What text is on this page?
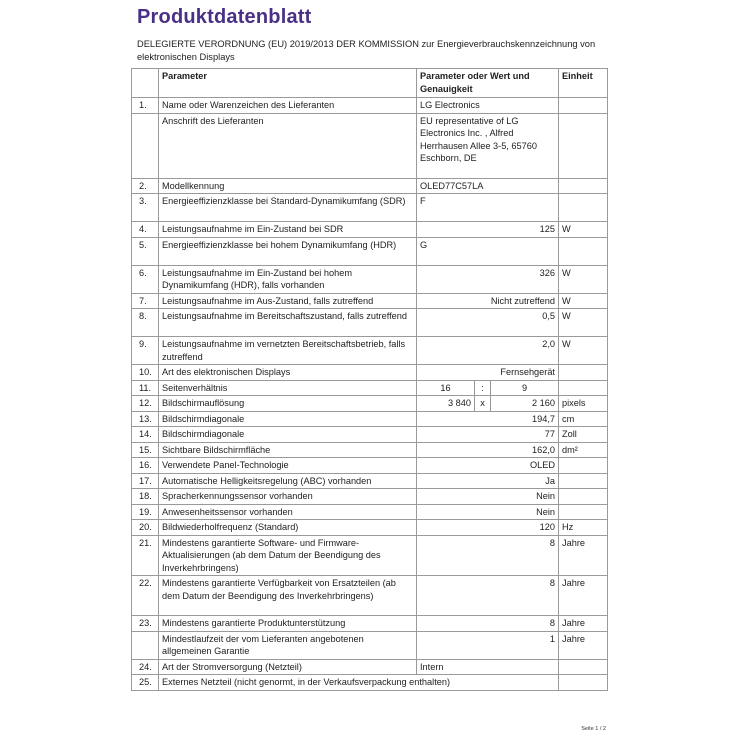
Produktdatenblatt
DELEGIERTE VERORDNUNG (EU) 2019/2013 DER KOMMISSION zur Energieverbrauchskennzeichnung von elektronischen Displays
	Parameter	Parameter oder Wert und Genauigkeit			Einheit
1.	Name oder Warenzeichen des Lieferanten	LG Electronics			
	Anschrift des Lieferanten	EU representative of LG Electronics Inc. , Alfred Herrhausen Allee 3-5, 65760 Eschborn, DE			
2.	Modellkennung	OLED77C57LA			
3.	Energieeffizienzklasse bei Standard-Dynamikumfang (SDR)	F			
4.	Leistungsaufnahme im Ein-Zustand bei SDR	125			W
5.	Energieeffizienzklasse bei hohem Dynamikumfang (HDR)	G			
6.	Leistungsaufnahme im Ein-Zustand bei hohem Dynamikumfang (HDR), falls vorhanden	326			W
7.	Leistungsaufnahme im Aus-Zustand, falls zutreffend	Nicht zutreffend			W
8.	Leistungsaufnahme im Bereitschaftszustand, falls zutreffend	0,5			W
9.	Leistungsaufnahme im vernetzten Bereitschaftsbetrieb, falls zutreffend	2,0			W
10.	Art des elektronischen Displays	Fernsehgerät			
11.	Seitenverhältnis	16	:	9	
12.	Bildschirmauflösung	3 840	x	2 160	pixels
13.	Bildschirmdiagonale	194,7			cm
14.	Bildschirmdiagonale	77			Zoll
15.	Sichtbare Bildschirmfläche	162,0			dm²
16.	Verwendete Panel-Technologie	OLED			
17.	Automatische Helligkeitsregelung (ABC) vorhanden	Ja			
18.	Spracherkennungssensor vorhanden	Nein			
19.	Anwesenheitssensor vorhanden	Nein			
20.	Bildwiederholfrequenz (Standard)	120			Hz
21.	Mindestens garantierte Software- und Firmware-Aktualisierungen (ab dem Datum der Beendigung des Inverkehrbringens)	8			Jahre
22.	Mindestens garantierte Verfügbarkeit von Ersatzteilen (ab dem Datum der Beendigung des Inverkehrbringens)	8			Jahre
23.	Mindestens garantierte Produktunterstützung	8			Jahre
	Mindestlaufzeit der vom Lieferanten angebotenen allgemeinen Garantie	1			Jahre
24.	Art der Stromversorgung (Netzteil)	Intern			
25.	Externes Netzteil (nicht genormt, in der Verkaufsverpackung enthalten)				
Seite 1 / 2
